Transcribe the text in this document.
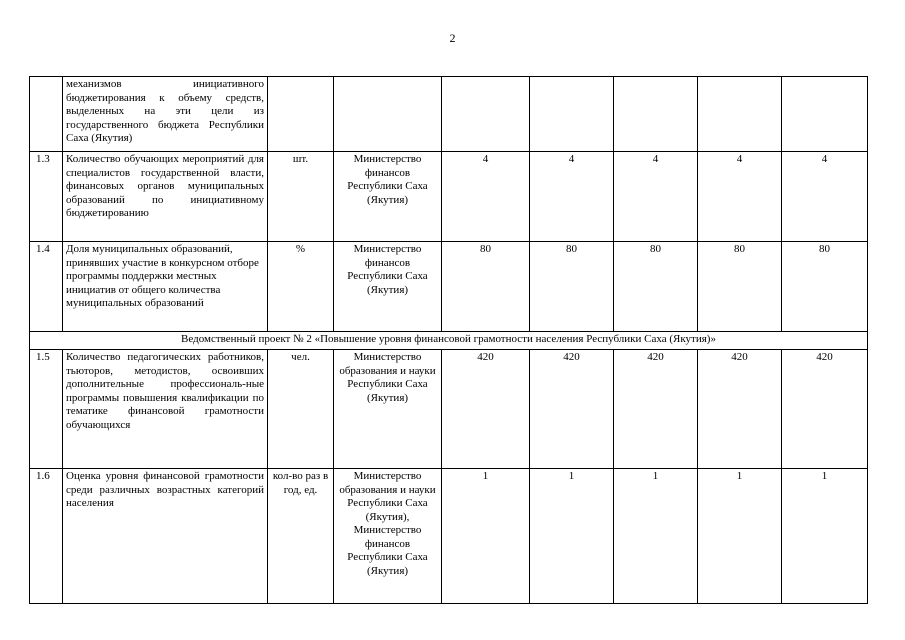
2
	механизмов инициативного бюджетирования к объему средств, выделенных на эти цели из государственного бюджета Республики Саха (Якутия)							
1.3	Количество обучающих мероприятий для специалистов государственной власти, финансовых органов муниципальных образований по инициативному бюджетированию	шт.	Министерство финансов Республики Саха (Якутия)	4	4	4	4	4
1.4	Доля муниципальных образований, принявших участие в конкурсном отборе программы поддержки местных инициатив от общего количества муниципальных образований	%	Министерство финансов Республики Саха (Якутия)	80	80	80	80	80
Ведомственный проект № 2 «Повышение уровня финансовой грамотности населения Республики Саха (Якутия)»								
1.5	Количество педагогических работников, тьюторов, методистов, освоивших дополнительные профессиональ-ные программы повышения квалификации по тематике финансовой грамотности обучающихся	чел.	Министерство образования и науки Республики Саха (Якутия)	420	420	420	420	420
1.6	Оценка уровня финансовой грамотности среди различных возрастных категорий населения	кол-во раз в год, ед.	Министерство образования и науки Республики Саха (Якутия), Министерство финансов Республики Саха (Якутия)	1	1	1	1	1
